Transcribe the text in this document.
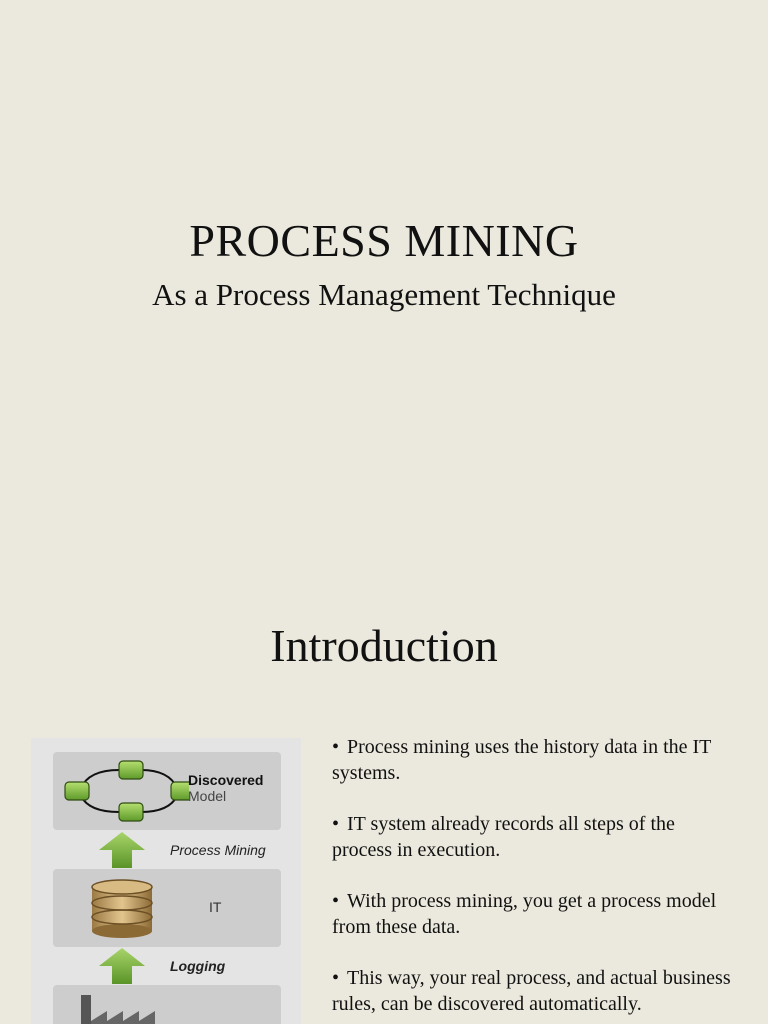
PROCESS MINING
As a Process Management Technique
Introduction
Discovered
Model
Process Mining
IT
Logging
• Process mining uses the history data in the IT systems.
• IT system already records all steps of the process in execution.
• With process mining, you get a process model from these data.
• This way, your real process, and actual business rules, can be discovered automatically.
